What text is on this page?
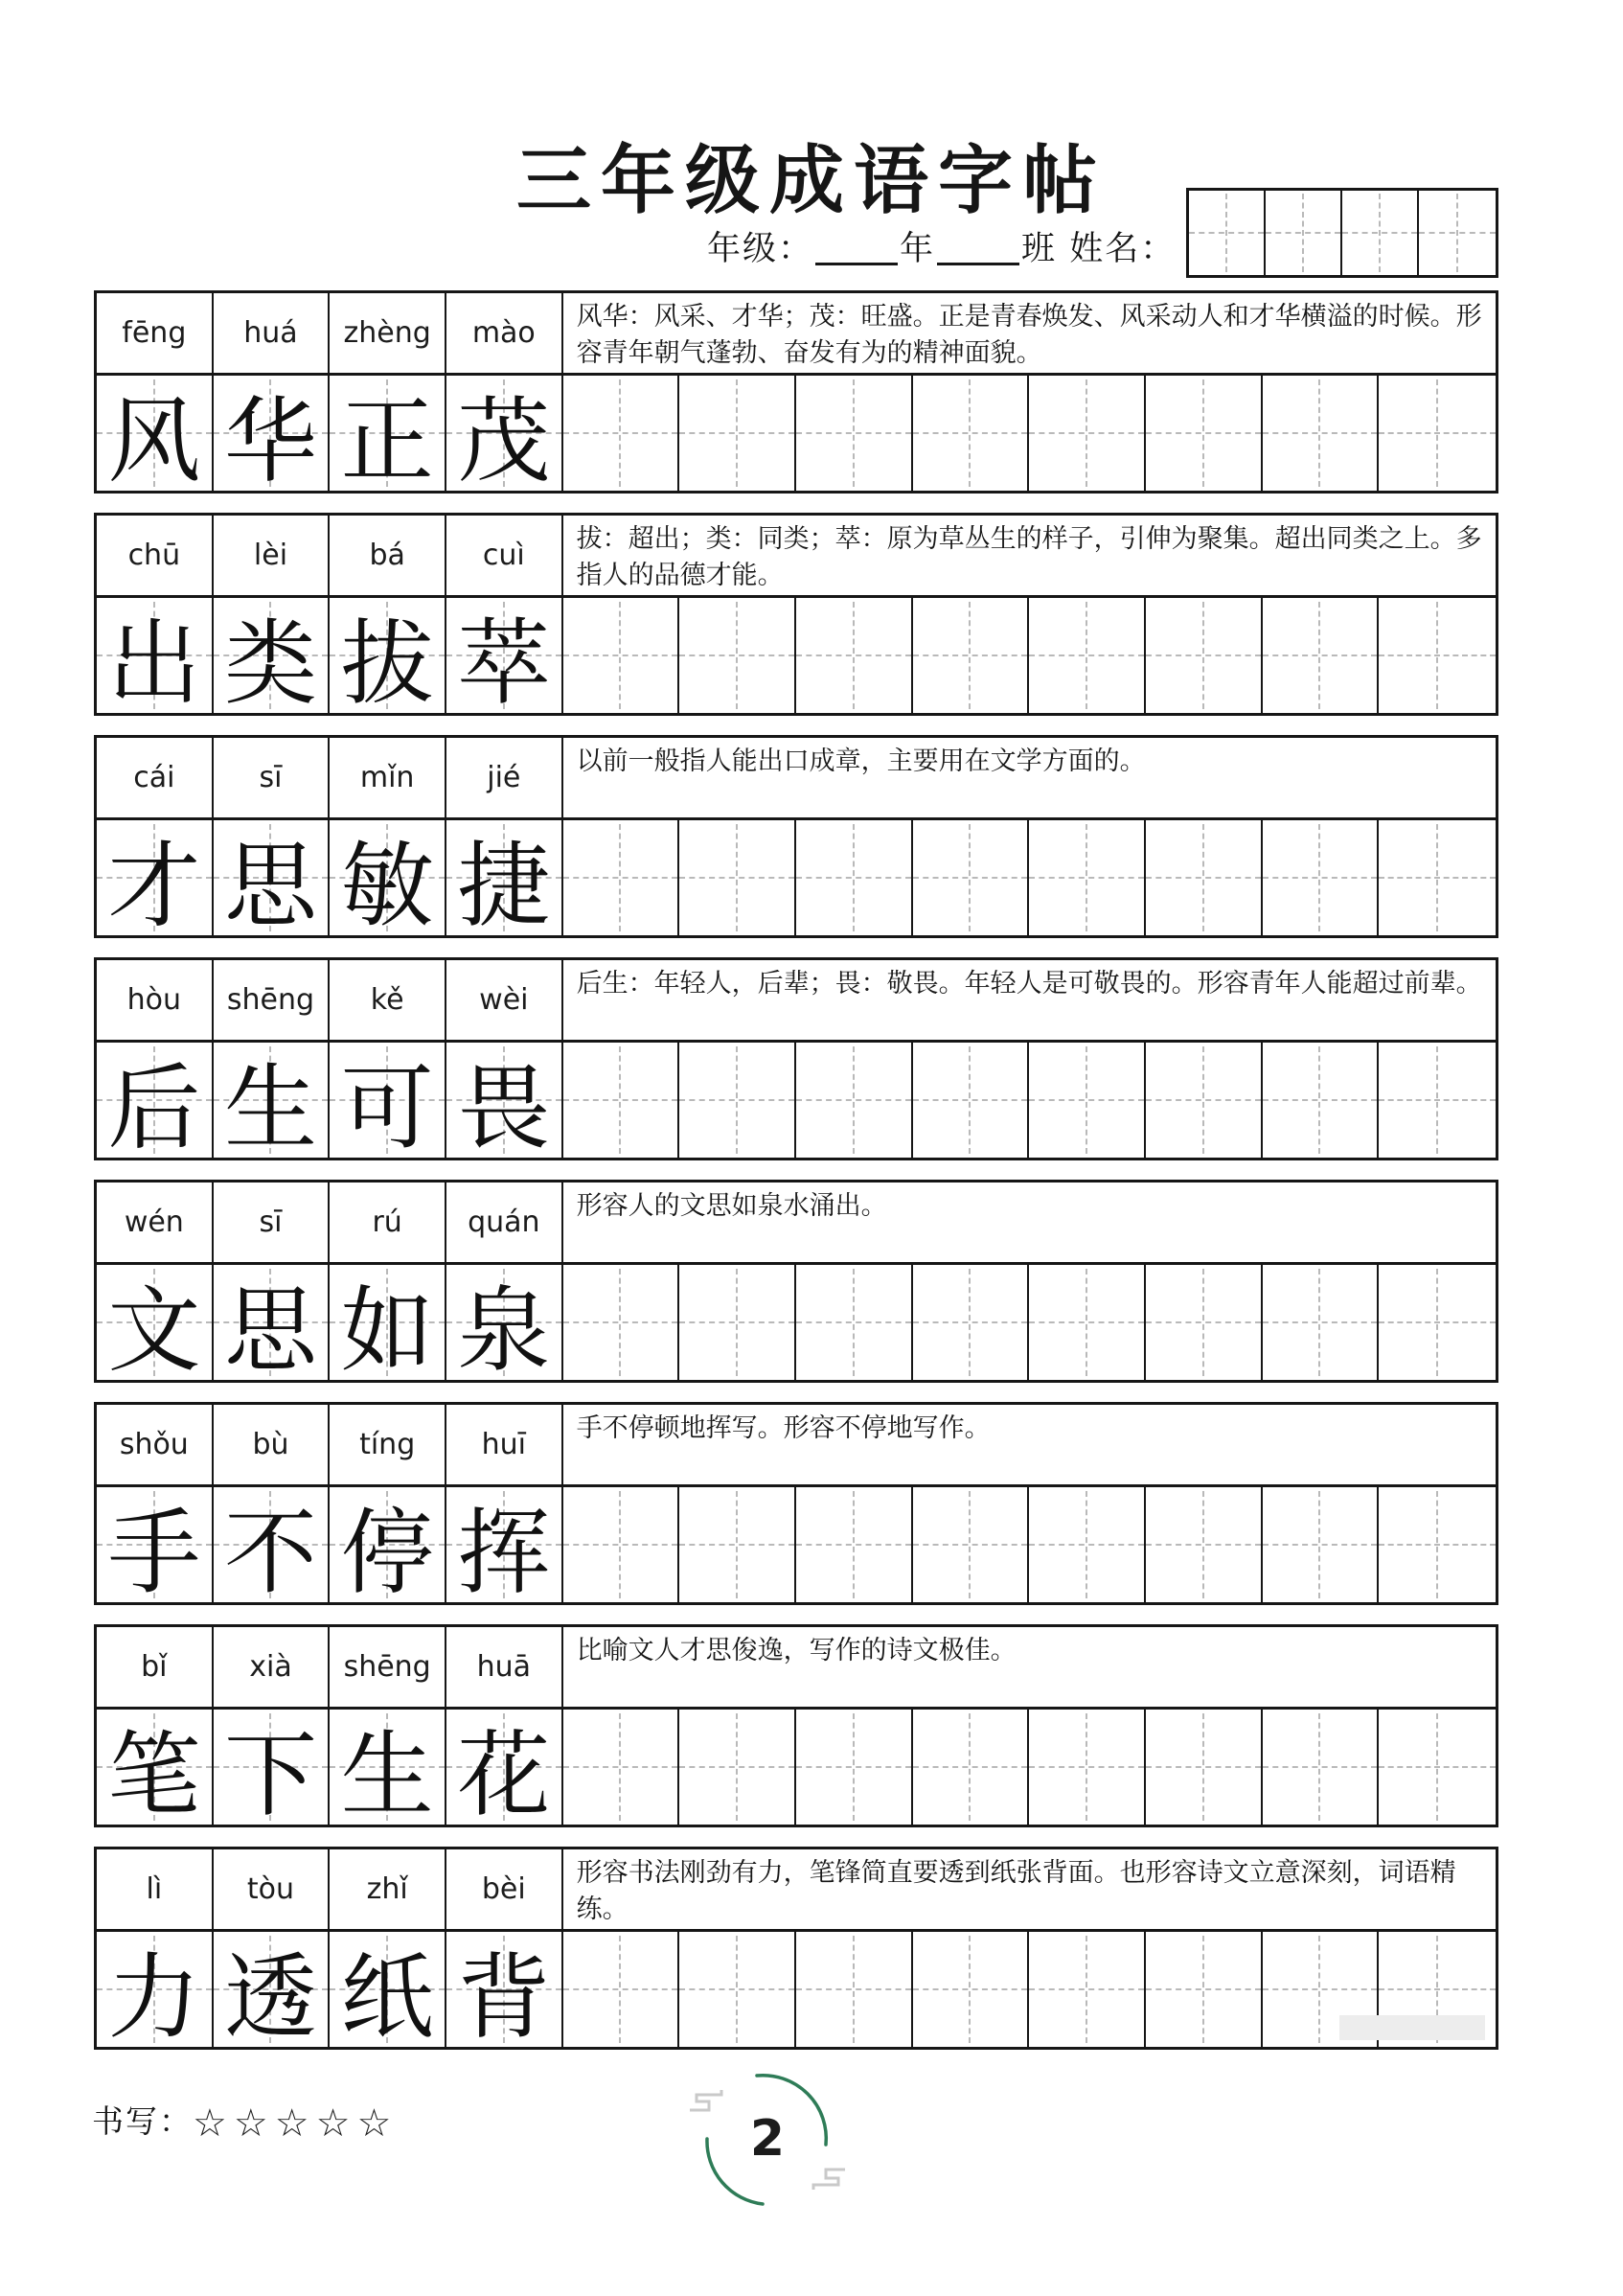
三年级成语字帖
年级：	年	班 姓名：
fēng	huá	zhèng	mào	风华：风采、才华；茂：旺盛。正是青春焕发、风采动人和才华横溢的时候。形容青年朝气蓬勃、奋发有为的精神面貌。
风 华 正 茂
chū	lèi	bá	cuì	拔：超出；类：同类；萃：原为草丛生的样子，引伸为聚集。超出同类之上。多指人的品德才能。
出 类 拔 萃
cái	sī	mǐn	jié	以前一般指人能出口成章，主要用在文学方面的。
才 思 敏 捷
hòu	shēng	kě	wèi	后生：年轻人，后辈；畏：敬畏。年轻人是可敬畏的。形容青年人能超过前辈。
后 生 可 畏
wén	sī	rú	quán	形容人的文思如泉水涌出。
文 思 如 泉
shǒu	bù	tíng	huī	手不停顿地挥写。形容不停地写作。
手 不 停 挥
bǐ	xià	shēng	huā	比喻文人才思俊逸，写作的诗文极佳。
笔 下 生 花
lì	tòu	zhǐ	bèi	形容书法刚劲有力，笔锋简直要透到纸张背面。也形容诗文立意深刻，词语精练。
力 透 纸 背
书写：☆☆☆☆☆	2
